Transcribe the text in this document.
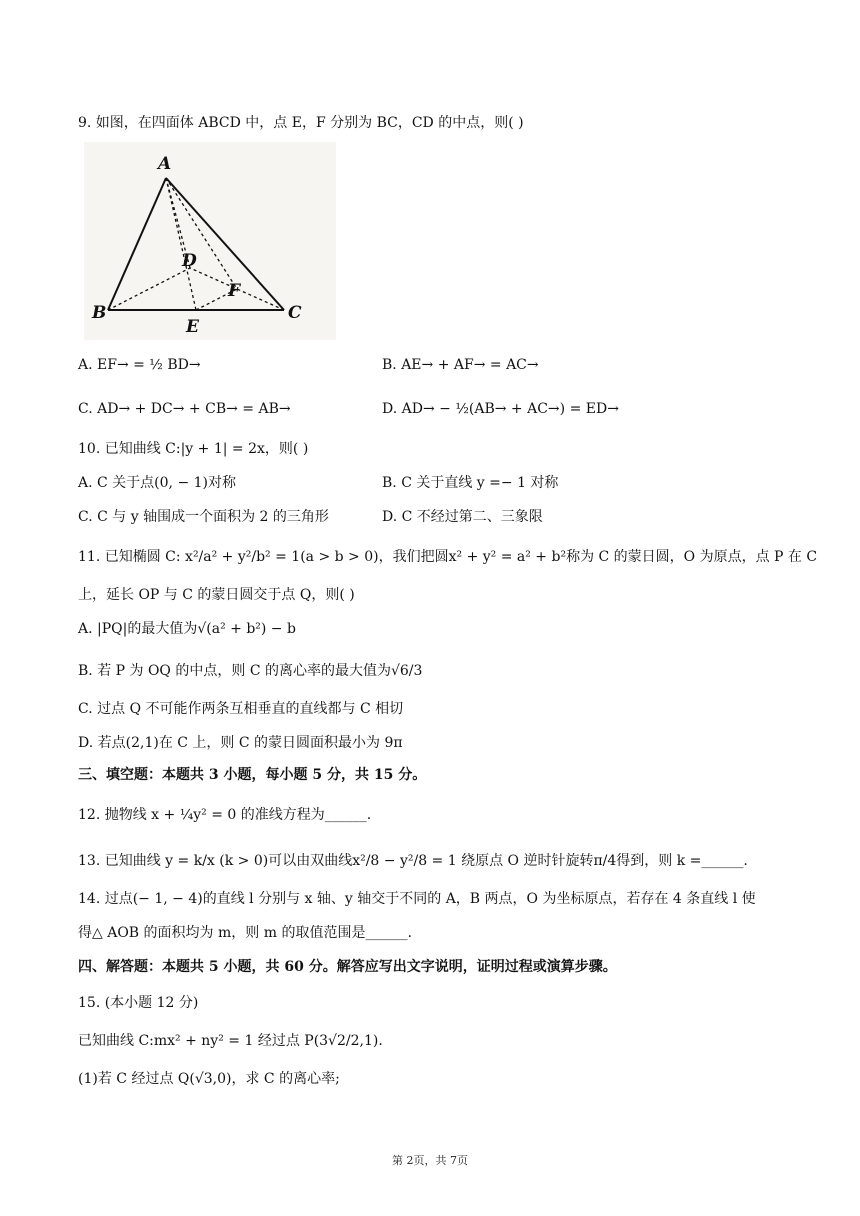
9. 如图，在四面体 ABCD 中，点 E，F 分别为 BC，CD 的中点，则( )
A
B	C
D
E
F
A. EF→ = ½ BD→	B. AE→ + AF→ = AC→
C. AD→ + DC→ + CB→ = AB→	D. AD→ − ½(AB→ + AC→) = ED→
10. 已知曲线 C:|y + 1| = 2x，则( )
A. C 关于点(0, − 1)对称	B. C 关于直线 y =− 1 对称
C. C 与 y 轴围成一个面积为 2 的三角形	D. C 不经过第二、三象限
11. 已知椭圆 C: x²/a² + y²/b² = 1(a > b > 0)，我们把圆x² + y² = a² + b²称为 C 的蒙日圆，O 为原点，点 P 在 C
上，延长 OP 与 C 的蒙日圆交于点 Q，则( )
A. |PQ|的最大值为√(a² + b²) − b
B. 若 P 为 OQ 的中点，则 C 的离心率的最大值为√6/3
C. 过点 Q 不可能作两条互相垂直的直线都与 C 相切
D. 若点(2,1)在 C 上，则 C 的蒙日圆面积最小为 9π
三、填空题：本题共 3 小题，每小题 5 分，共 15 分。
12. 抛物线 x + ¼y² = 0 的准线方程为______.
13. 已知曲线 y = k/x (k > 0)可以由双曲线x²/8 − y²/8 = 1 绕原点 O 逆时针旋转π/4得到，则 k =______.
14. 过点(− 1, − 4)的直线 l 分别与 x 轴、y 轴交于不同的 A，B 两点，O 为坐标原点，若存在 4 条直线 l 使
得△ AOB 的面积均为 m，则 m 的取值范围是______.
四、解答题：本题共 5 小题，共 60 分。解答应写出文字说明，证明过程或演算步骤。
15. (本小题 12 分)
已知曲线 C:mx² + ny² = 1 经过点 P(3√2/2,1).
(1)若 C 经过点 Q(√3,0)，求 C 的离心率;
第 2页，共 7页
